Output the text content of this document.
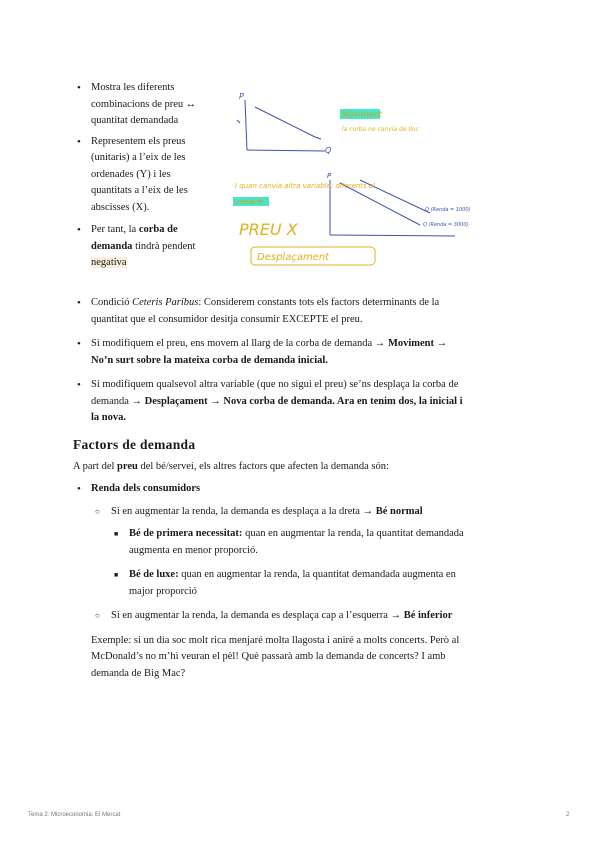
• Mostra les diferents combinacions de preu ↔ quantitat demandada
• Representem els preus (unitaris) a l’eix de les ordenades (Y) i les quantitats a l’eix de les abscisses (X).
• Per tant, la corba de demanda tindrà pendent negativa
P
Q
Moviment
la corba no canvia de lloc
P
Q (Renda = 1000)
Q (Renda = 3000)
I quan canvia altra variable: diferents al
variable
PREU X
Desplaçament
• Condició Ceteris Paribus: Considerem constants tots els factors determinants de la quantitat que el consumidor desitja consumir EXCEPTE el preu.
• Si modifiquem el preu, ens movem al llarg de la corba de demanda → Moviment → No’n surt sobre la mateixa corba de demanda inicial.
• Si modifiquem qualsevol altra variable (que no sigui el preu) se’ns desplaça la corba de demanda → Desplaçament → Nova corba de demanda. Ara en tenim dos, la inicial i la nova.
Factors de demanda
A part del preu del bé/servei, els altres factors que afecten la demanda són:
• Renda dels consumidors
○ Si en augmentar la renda, la demanda es desplaça a la dreta → Bé normal
■ Bé de primera necessitat: quan en augmentar la renda, la quantitat demandada augmenta en menor proporció.
■ Bé de luxe: quan en augmentar la renda, la quantitat demandada augmenta en major proporció
○ Si en augmentar la renda, la demanda es desplaça cap a l’esquerra → Bé inferior
Exemple: si un dia soc molt rica menjaré molta llagosta i aniré a molts concerts. Però al McDonald’s no m’hi veuran el pèl! Què passarà amb la demanda de concerts? I amb demanda de Big Mac?
Tema 2: Microeconomia: El Mercat	2
